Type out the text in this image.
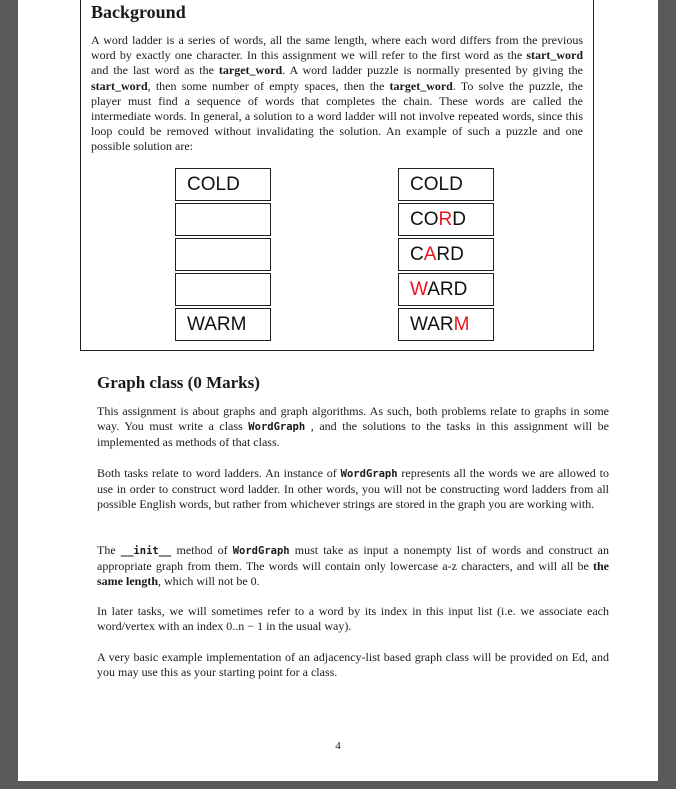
Background
A word ladder is a series of words, all the same length, where each word differs from the previous word by exactly one character. In this assignment we will refer to the first word as the start_word and the last word as the target_word. A word ladder puzzle is normally presented by giving the start_word, then some number of empty spaces, then the target_word. To solve the puzzle, the player must find a sequence of words that completes the chain. These words are called the intermediate words. In general, a solution to a word ladder will not involve repeated words, since this loop could be removed without invalidating the solution. An example of such a puzzle and one possible solution are:
COLD
WARM
COLD
CORD
CARD
WARD
WARM
Graph class (0 Marks)
This assignment is about graphs and graph algorithms. As such, both problems relate to graphs in some way. You must write a class WordGraph , and the solutions to the tasks in this assignment will be implemented as methods of that class.
Both tasks relate to word ladders. An instance of WordGraph represents all the words we are allowed to use in order to construct word ladder. In other words, you will not be constructing word ladders from all possible English words, but rather from whichever strings are stored in the graph you are working with.
The __init__ method of WordGraph must take as input a nonempty list of words and construct an appropriate graph from them. The words will contain only lowercase a-z characters, and will all be the same length, which will not be 0.
In later tasks, we will sometimes refer to a word by its index in this input list (i.e. we associate each word/vertex with an index 0..n − 1 in the usual way).
A very basic example implementation of an adjacency-list based graph class will be provided on Ed, and you may use this as your starting point for a class.
4
